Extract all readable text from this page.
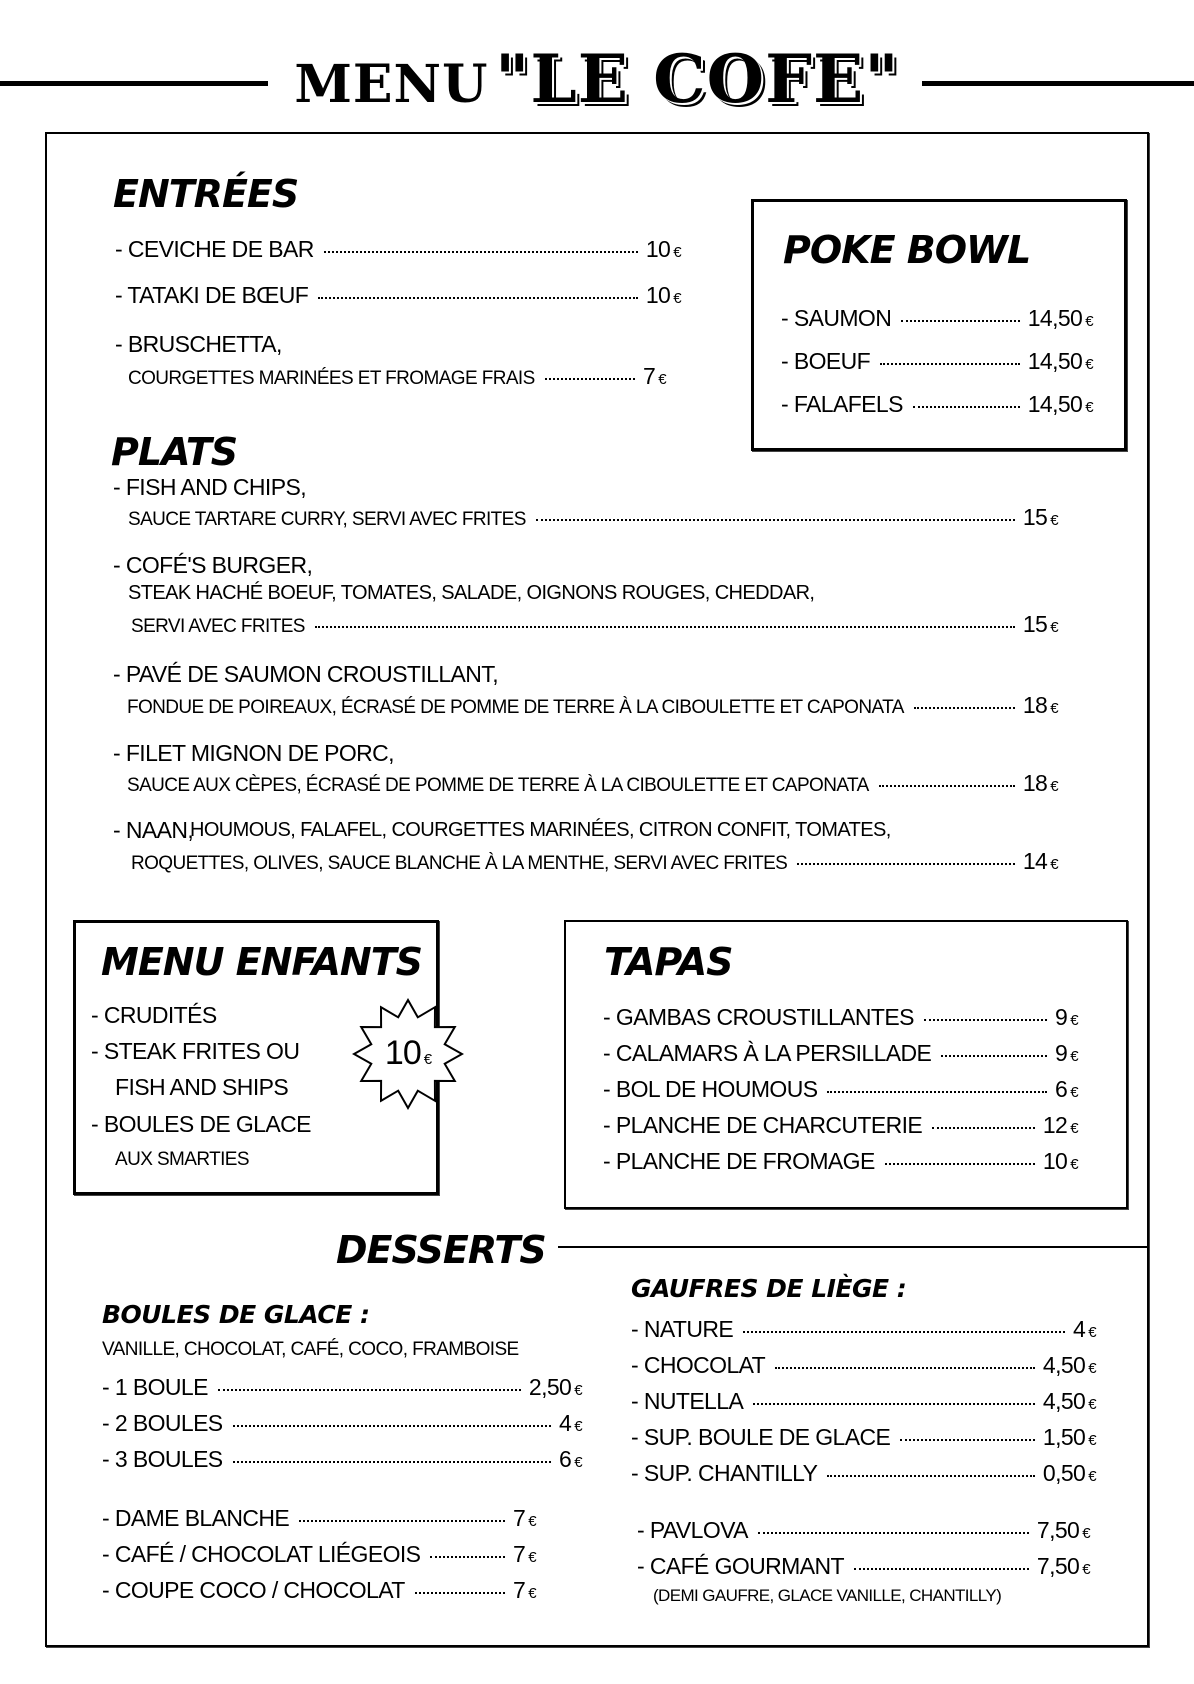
MENU "LE COFE"
ENTRÉES
POKE BOWL
PLATS
MENU ENFANTS	TAPAS
DESSERTS
BOULES DE GLACE :
GAUFRES DE LIÈGE :
VANILLE, CHOCOLAT, CAFÉ, COCO, FRAMBOISE
(DEMI GAUFRE, GLACE VANILLE, CHANTILLY)
10 €
- CEVICHE DE BAR	10 €
- TATAKI DE BŒUF	10 €
- BRUSCHETTA,
COURGETTES MARINÉES ET FROMAGE FRAIS	7 €
- SAUMON	14,50 €
- BOEUF	14,50 €
- FALAFELS	14,50 €
- FISH AND CHIPS,
SAUCE TARTARE CURRY, SERVI AVEC FRITES	15 €
- COFÉ'S BURGER,
STEAK HACHÉ BOEUF, TOMATES, SALADE, OIGNONS ROUGES, CHEDDAR,
SERVI AVEC FRITES	15 €
- PAVÉ DE SAUMON CROUSTILLANT,
FONDUE DE POIREAUX, ÉCRASÉ DE POMME DE TERRE À LA CIBOULETTE ET CAPONATA	18 €
- FILET MIGNON DE PORC,
SAUCE AUX CÈPES, ÉCRASÉ DE POMME DE TERRE À LA CIBOULETTE ET CAPONATA	18 €
- NAAN,
HOUMOUS, FALAFEL, COURGETTES MARINÉES, CITRON CONFIT, TOMATES,
ROQUETTES, OLIVES, SAUCE BLANCHE À LA MENTHE, SERVI AVEC FRITES	14 €
- CRUDITÉS
- STEAK FRITES OU
FISH AND SHIPS
- BOULES DE GLACE
AUX SMARTIES
- GAMBAS CROUSTILLANTES	9 €
- CALAMARS À LA PERSILLADE	9 €
- BOL DE HOUMOUS	6 €
- PLANCHE DE CHARCUTERIE	12 €
- PLANCHE DE FROMAGE	10 €
- 1 BOULE	2,50 €
- 2 BOULES	4 €
- 3 BOULES	6 €
- DAME BLANCHE	7 €
- CAFÉ / CHOCOLAT LIÉGEOIS	7 €
- COUPE COCO / CHOCOLAT	7 €
- NATURE	4 €
- CHOCOLAT	4,50 €
- NUTELLA	4,50 €
- SUP. BOULE DE GLACE	1,50 €
- SUP. CHANTILLY	0,50 €
- PAVLOVA	7,50 €
- CAFÉ GOURMANT	7,50 €
